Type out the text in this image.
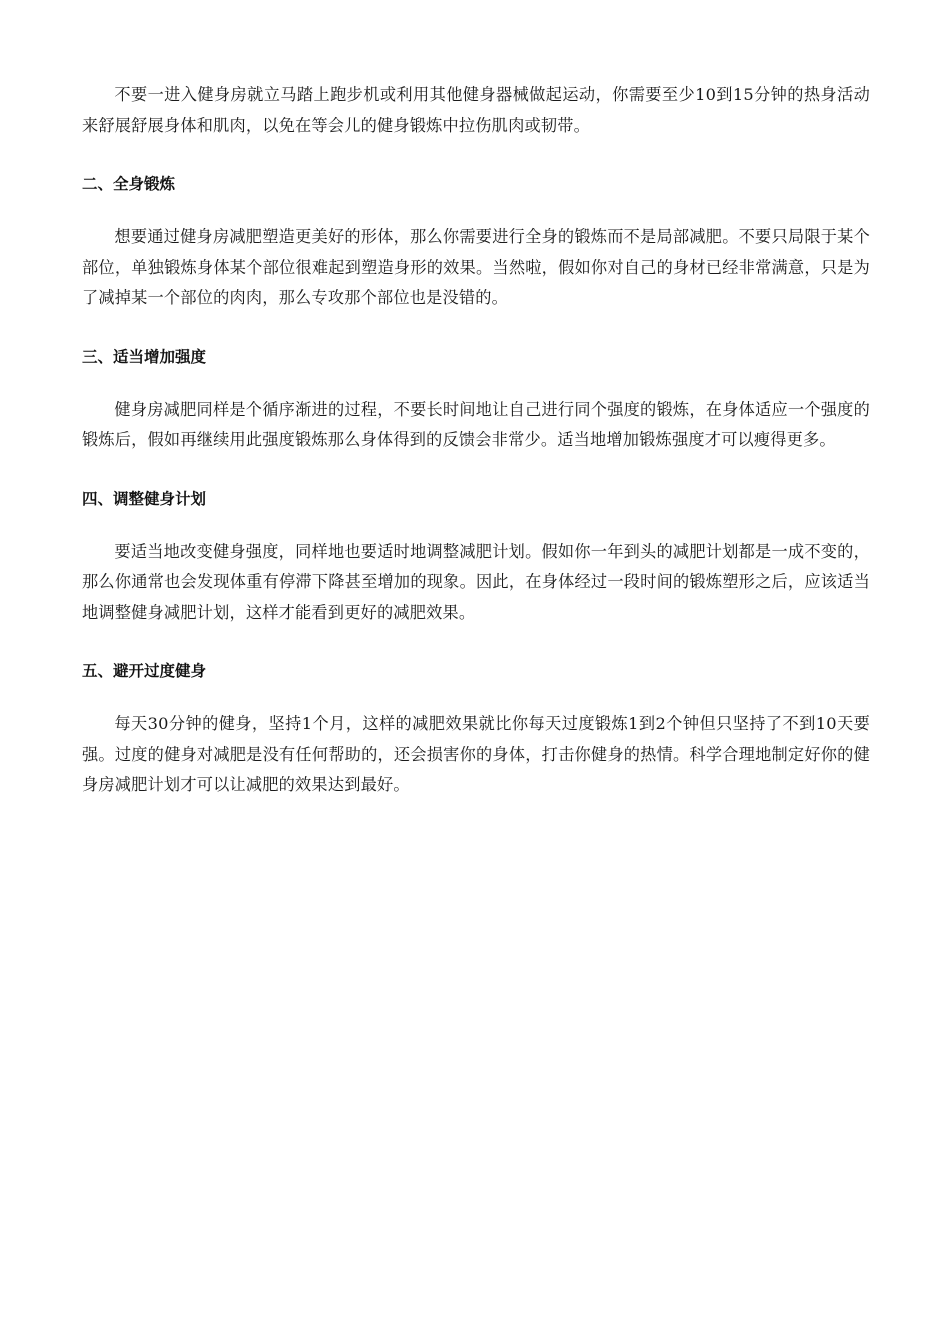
不要一进入健身房就立马踏上跑步机或利用其他健身器械做起运动，你需要至少10到15分钟的热身活动来舒展舒展身体和肌肉，以免在等会儿的健身锻炼中拉伤肌肉或韧带。

二、全身锻炼

想要通过健身房减肥塑造更美好的形体，那么你需要进行全身的锻炼而不是局部减肥。不要只局限于某个部位，单独锻炼身体某个部位很难起到塑造身形的效果。当然啦，假如你对自己的身材已经非常满意，只是为了减掉某一个部位的肉肉，那么专攻那个部位也是没错的。

三、适当增加强度

健身房减肥同样是个循序渐进的过程，不要长时间地让自己进行同个强度的锻炼，在身体适应一个强度的锻炼后，假如再继续用此强度锻炼那么身体得到的反馈会非常少。适当地增加锻炼强度才可以瘦得更多。

四、调整健身计划

要适当地改变健身强度，同样地也要适时地调整减肥计划。假如你一年到头的减肥计划都是一成不变的，那么你通常也会发现体重有停滞下降甚至增加的现象。因此，在身体经过一段时间的锻炼塑形之后，应该适当地调整健身减肥计划，这样才能看到更好的减肥效果。

五、避开过度健身

每天30分钟的健身，坚持1个月，这样的减肥效果就比你每天过度锻炼1到2个钟但只坚持了不到10天要强。过度的健身对减肥是没有任何帮助的，还会损害你的身体，打击你健身的热情。科学合理地制定好你的健身房减肥计划才可以让减肥的效果达到最好。
